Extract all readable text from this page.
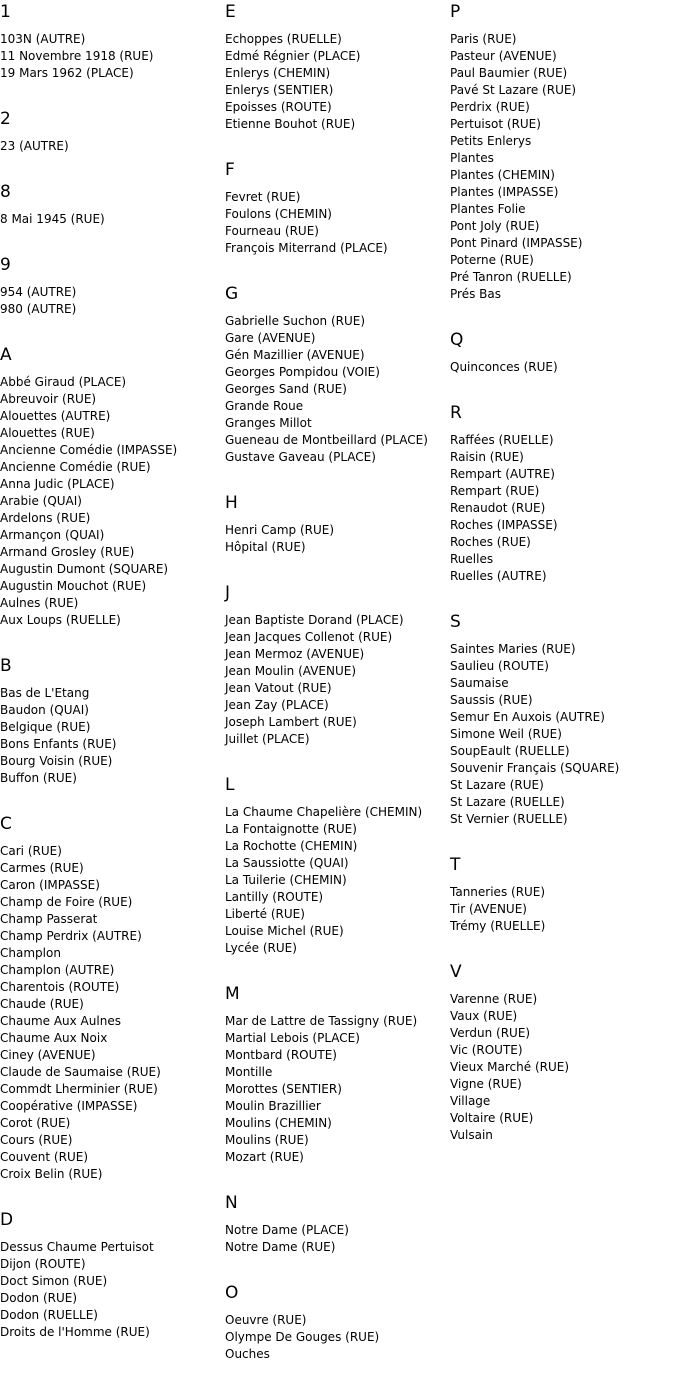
1
103N (AUTRE)
11 Novembre 1918 (RUE)
19 Mars 1962 (PLACE)
2
23 (AUTRE)
8
8 Mai 1945 (RUE)
9
954 (AUTRE)
980 (AUTRE)
A
Abbé Giraud (PLACE)
Abreuvoir (RUE)
Alouettes (AUTRE)
Alouettes (RUE)
Ancienne Comédie (IMPASSE)
Ancienne Comédie (RUE)
Anna Judic (PLACE)
Arabie (QUAI)
Ardelons (RUE)
Armançon (QUAI)
Armand Grosley (RUE)
Augustin Dumont (SQUARE)
Augustin Mouchot (RUE)
Aulnes (RUE)
Aux Loups (RUELLE)
B
Bas de L'Etang
Baudon (QUAI)
Belgique (RUE)
Bons Enfants (RUE)
Bourg Voisin (RUE)
Buffon (RUE)
C
Cari (RUE)
Carmes (RUE)
Caron (IMPASSE)
Champ de Foire (RUE)
Champ Passerat
Champ Perdrix (AUTRE)
Champlon
Champlon (AUTRE)
Charentois (ROUTE)
Chaude (RUE)
Chaume Aux Aulnes
Chaume Aux Noix
Ciney (AVENUE)
Claude de Saumaise (RUE)
Commdt Lherminier (RUE)
Coopérative (IMPASSE)
Corot (RUE)
Cours (RUE)
Couvent (RUE)
Croix Belin (RUE)
D
Dessus Chaume Pertuisot
Dijon (ROUTE)
Doct Simon (RUE)
Dodon (RUE)
Dodon (RUELLE)
Droits de l'Homme (RUE)
E
Echoppes (RUELLE)
Edmé Régnier (PLACE)
Enlerys (CHEMIN)
Enlerys (SENTIER)
Epoisses (ROUTE)
Etienne Bouhot (RUE)
F
Fevret (RUE)
Foulons (CHEMIN)
Fourneau (RUE)
François Miterrand (PLACE)
G
Gabrielle Suchon (RUE)
Gare (AVENUE)
Gén Mazillier (AVENUE)
Georges Pompidou (VOIE)
Georges Sand (RUE)
Grande Roue
Granges Millot
Gueneau de Montbeillard (PLACE)
Gustave Gaveau (PLACE)
H
Henri Camp (RUE)
Hôpital (RUE)
J
Jean Baptiste Dorand (PLACE)
Jean Jacques Collenot (RUE)
Jean Mermoz (AVENUE)
Jean Moulin (AVENUE)
Jean Vatout (RUE)
Jean Zay (PLACE)
Joseph Lambert (RUE)
Juillet (PLACE)
L
La Chaume Chapelière (CHEMIN)
La Fontaignotte (RUE)
La Rochotte (CHEMIN)
La Saussiotte (QUAI)
La Tuilerie (CHEMIN)
Lantilly (ROUTE)
Liberté (RUE)
Louise Michel (RUE)
Lycée (RUE)
M
Mar de Lattre de Tassigny (RUE)
Martial Lebois (PLACE)
Montbard (ROUTE)
Montille
Morottes (SENTIER)
Moulin Brazillier
Moulins (CHEMIN)
Moulins (RUE)
Mozart (RUE)
N
Notre Dame (PLACE)
Notre Dame (RUE)
O
Oeuvre (RUE)
Olympe De Gouges (RUE)
Ouches
P
Paris (RUE)
Pasteur (AVENUE)
Paul Baumier (RUE)
Pavé St Lazare (RUE)
Perdrix (RUE)
Pertuisot (RUE)
Petits Enlerys
Plantes
Plantes (CHEMIN)
Plantes (IMPASSE)
Plantes Folie
Pont Joly (RUE)
Pont Pinard (IMPASSE)
Poterne (RUE)
Pré Tanron (RUELLE)
Prés Bas
Q
Quinconces (RUE)
R
Raffées (RUELLE)
Raisin (RUE)
Rempart (AUTRE)
Rempart (RUE)
Renaudot (RUE)
Roches (IMPASSE)
Roches (RUE)
Ruelles
Ruelles (AUTRE)
S
Saintes Maries (RUE)
Saulieu (ROUTE)
Saumaise
Saussis (RUE)
Semur En Auxois (AUTRE)
Simone Weil (RUE)
SoupEault (RUELLE)
Souvenir Français (SQUARE)
St Lazare (RUE)
St Lazare (RUELLE)
St Vernier (RUELLE)
T
Tanneries (RUE)
Tir (AVENUE)
Trémy (RUELLE)
V
Varenne (RUE)
Vaux (RUE)
Verdun (RUE)
Vic (ROUTE)
Vieux Marché (RUE)
Vigne (RUE)
Village
Voltaire (RUE)
Vulsain
